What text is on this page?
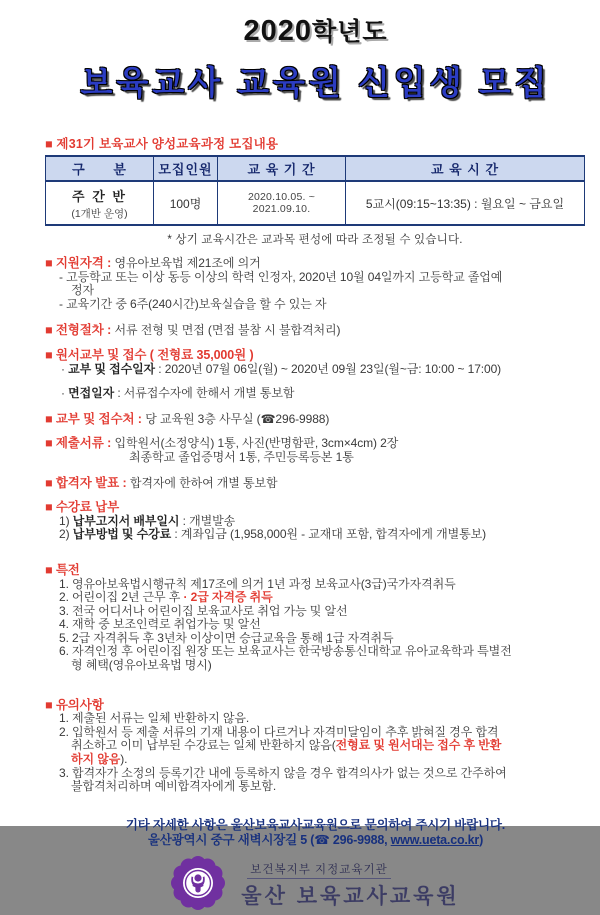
2020학년도
보육교사 교육원 신입생 모집
■ 제31기 보육교사 양성교육과정 모집내용
구      분	모집인원	교 육 기 간	교 육 시 간

주 간 반
(1개반 운영)	100명	2020.10.05. ~ 2021.09.10.	5교시(09:15~13:35) : 월요일 ~ 금요일
* 상기 교육시간은 교과목 편성에 따라 조정될 수 있습니다.
■ 지원자격 : 영유아보육법 제21조에 의거
- 고등학교 또는 이상 동등 이상의 학력 인정자, 2020년 10월 04일까지 고등학교 졸업예
정자
- 교육기간 중 6주(240시간)보육실습을 할 수 있는 자
■ 전형절차 : 서류 전형 및 면접 (면접 불참 시 불합격처리)
■ 원서교부 및 접수 ( 전형료 35,000원 )
· 교부 및 접수일자 : 2020년 07월 06일(월) ~ 2020년 09월 23일(월~금: 10:00 ~ 17:00)
· 면접일자 : 서류접수자에 한해서 개별 통보함
■ 교부 및 접수처 : 당 교육원 3층 사무실 (☎296-9988)
■ 제출서류 : 입학원서(소정양식) 1통, 사진(반명함판, 3cm×4cm) 2장
최종학교 졸업증명서 1통, 주민등록등본 1통
■ 합격자 발표 : 합격자에 한하여 개별 통보함
■ 수강료 납부
1) 납부고지서 배부일시 : 개별발송
2) 납부방법 및 수강료 : 계좌입금 (1,958,000원 - 교재대 포함, 합격자에게 개별통보)
■ 특전
1. 영유아보육법시행규칙 제17조에 의거 1년 과정 보육교사(3급)국가자격취득
2. 어린이집 2년 근무 후 · 2급 자격증 취득
3. 전국 어디서나 어린이집 보육교사로 취업 가능 및 알선
4. 재학 중 보조인력로 취업가능 및 알선
5. 2급 자격취득 후 3년차 이상이면 승급교육을 통해 1급 자격취득
6. 자격인정 후 어린이집 원장 또는 보육교사는 한국방송통신대학교 유아교육학과 특별전
형 혜택(영유아보육법 명시)
■ 유의사항
1. 제출된 서류는 일체 반환하지 않음.
2. 입학원서 등 제출 서류의 기재 내용이 다르거나 자격미달임이 추후 밝혀질 경우 합격
취소하고 이미 납부된 수강료는 일체 반환하지 않음(전형료 및 원서대는 접수 후 반환
하지 않음).
3. 합격자가 소정의 등록기간 내에 등록하지 않을 경우 합격의사가 없는 것으로 간주하여
불합격처리하며 예비합격자에게 통보함.
기타 자세한 사항은 울산보육교사교육원으로 문의하여 주시기 바랍니다.
울산광역시 중구 새벽시장길 5 (☎ 296-9988, www.ueta.co.kr)
보건복지부 지정교육기관
울산 보육교사교육원
